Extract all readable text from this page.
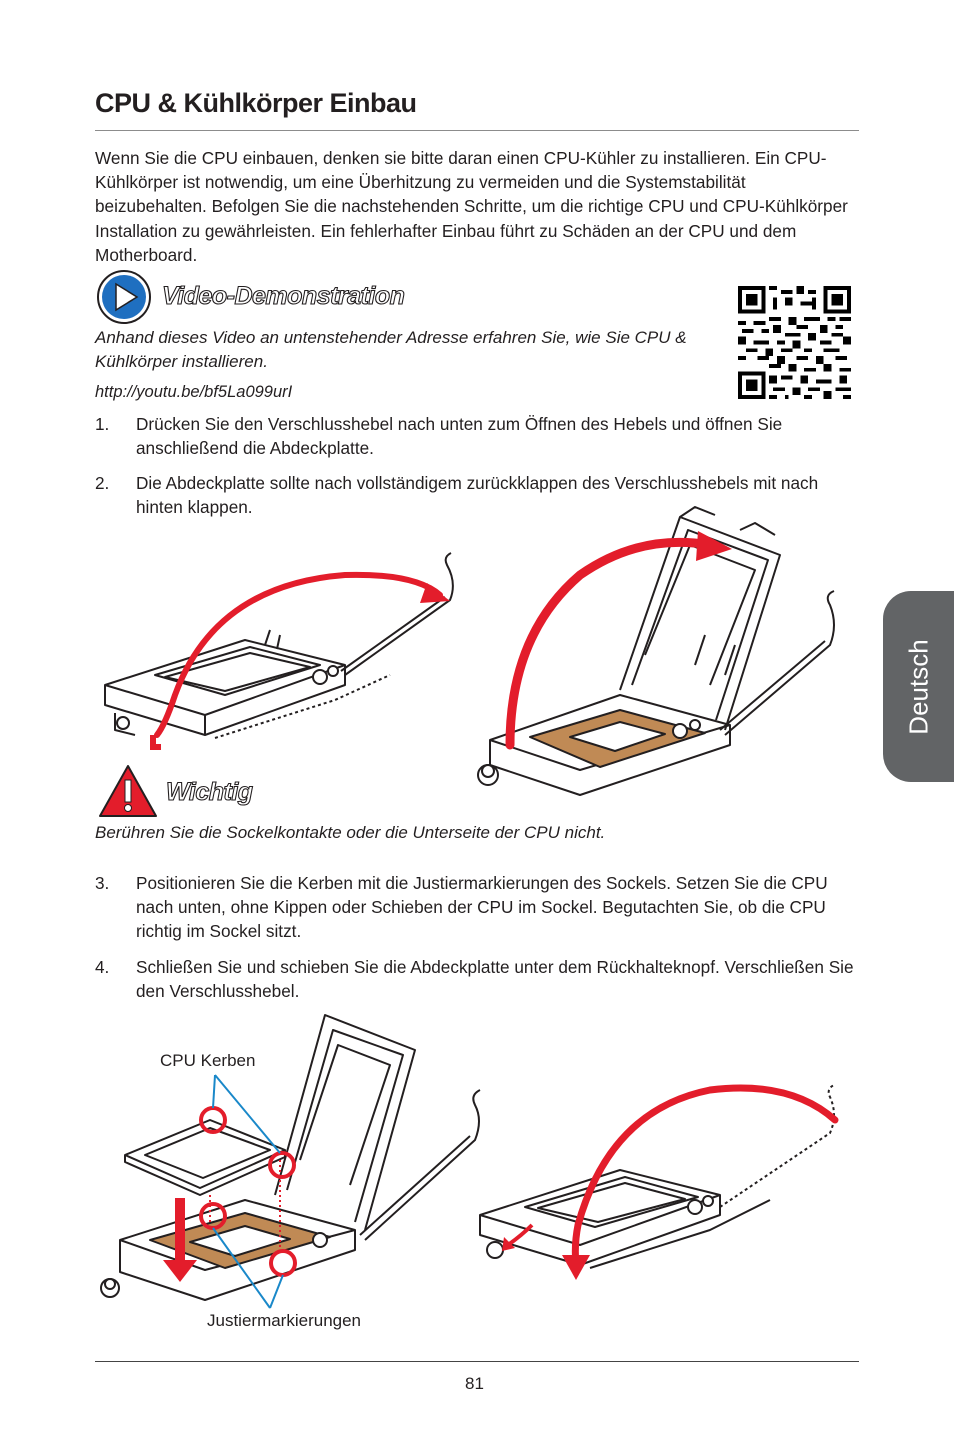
CPU & Kühlkörper Einbau
Wenn Sie die CPU einbauen, denken sie bitte daran einen CPU-Kühler zu installieren. Ein CPU-Kühlkörper ist notwendig, um eine Überhitzung zu vermeiden und die Systemstabilität beizubehalten. Befolgen Sie die nachstehenden Schritte, um die richtige CPU und CPU-Kühlkörper Installation zu gewährleisten. Ein fehlerhafter Einbau führt zu Schäden an der CPU und dem Motherboard.
Video-Demonstration
Anhand dieses Video an untenstehender Adresse erfahren Sie, wie Sie CPU & Kühlkörper installieren.
http://youtu.be/bf5La099urI
1.	Drücken Sie den Verschlusshebel nach unten zum Öffnen des Hebels und öffnen Sie anschließend die Abdeckplatte.
2.	Die Abdeckplatte sollte nach vollständigem zurückklappen des Verschlusshebels mit nach hinten klappen.
Wichtig
Berühren Sie die Sockelkontakte oder die Unterseite der CPU nicht.
3.	Positionieren Sie die Kerben mit die Justiermarkierungen des Sockels. Setzen Sie die CPU nach unten, ohne Kippen oder Schieben der CPU im Sockel. Begutachten Sie, ob die CPU richtig im Sockel sitzt.
4.	Schließen Sie und schieben Sie die Abdeckplatte unter dem Rückhalteknopf. Verschließen Sie den Verschlusshebel.
CPU Kerben
Justiermarkierungen
81
Deutsch
